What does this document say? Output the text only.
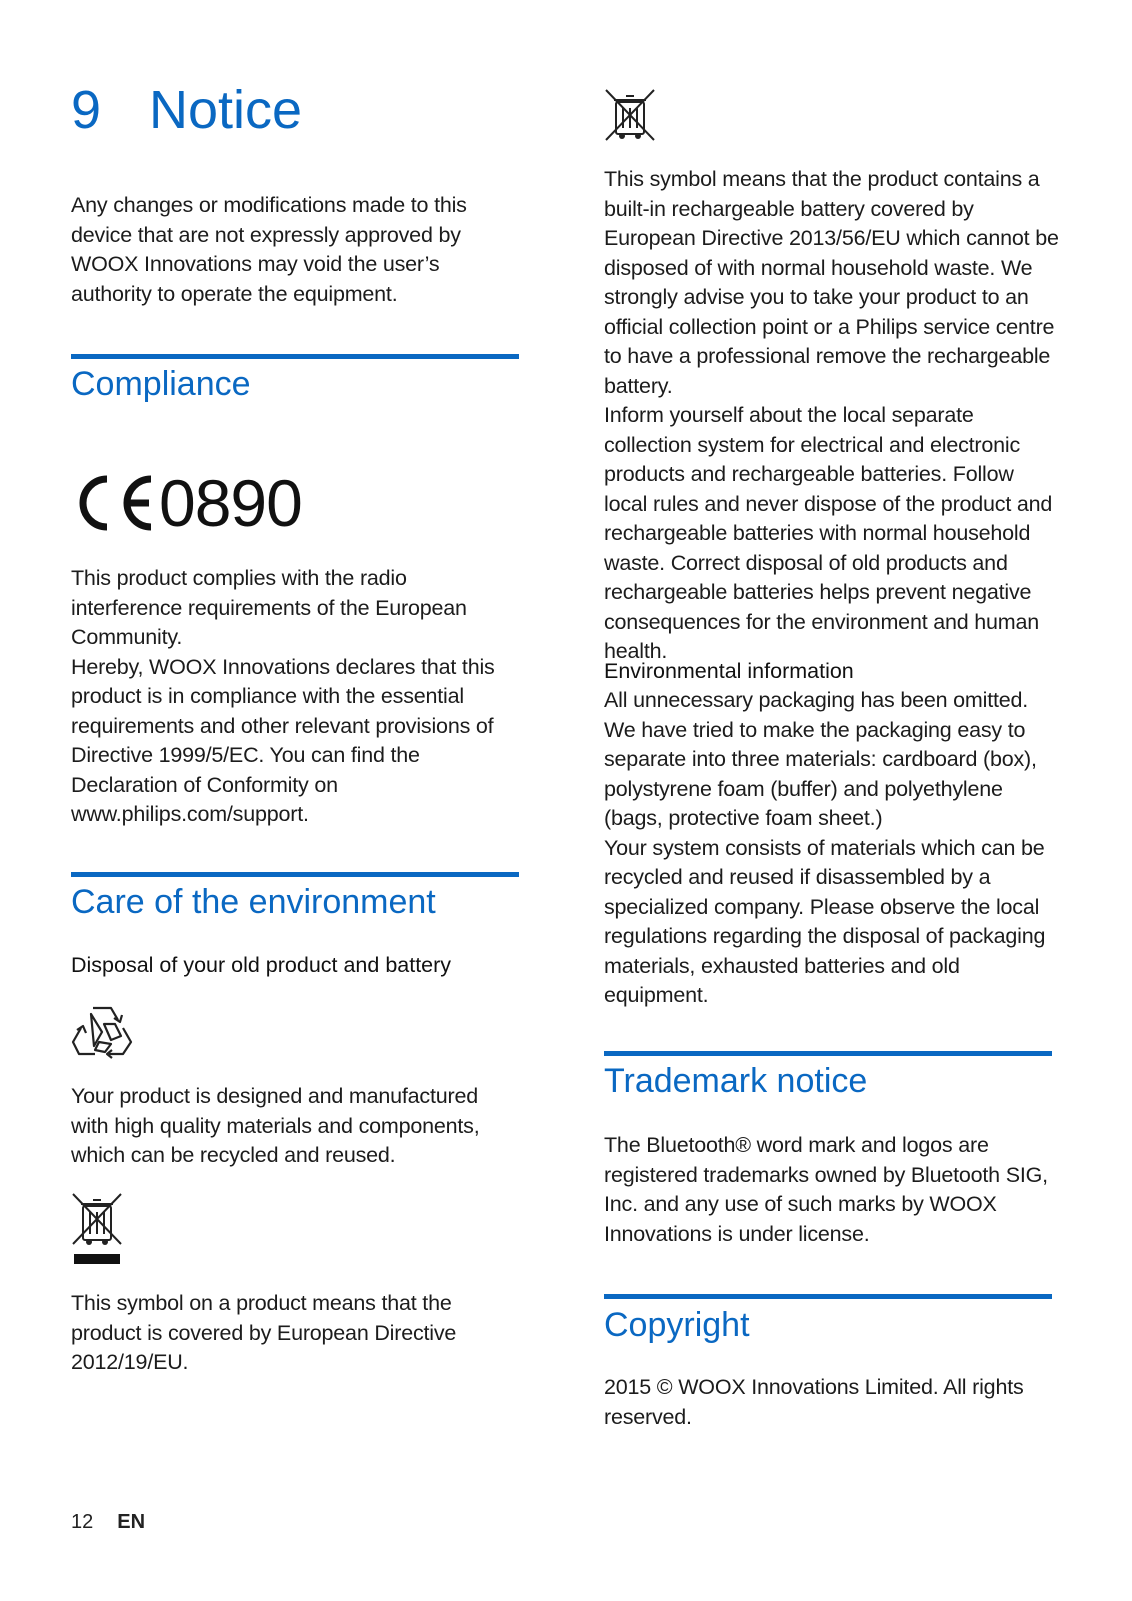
9 Notice

Any changes or modifications made to this device that are not expressly approved by WOOX Innovations may void the user’s authority to operate the equipment.

Compliance
0890

This product complies with the radio interference requirements of the European Community.
Hereby, WOOX Innovations declares that this product is in compliance with the essential requirements and other relevant provisions of Directive 1999/5/EC. You can find the Declaration of Conformity on www.philips.com/support.

Care of the environment

Disposal of your old product and battery

Your product is designed and manufactured with high quality materials and components, which can be recycled and reused.

This symbol on a product means that the product is covered by European Directive 2012/19/EU.

This symbol means that the product contains a built-in rechargeable battery covered by European Directive 2013/56/EU which cannot be disposed of with normal household waste. We strongly advise you to take your product to an official collection point or a Philips service centre to have a professional remove the rechargeable battery.
Inform yourself about the local separate collection system for electrical and electronic products and rechargeable batteries. Follow local rules and never dispose of the product and rechargeable batteries with normal household waste. Correct disposal of old products and rechargeable batteries helps prevent negative consequences for the environment and human health.

Environmental information

All unnecessary packaging has been omitted. We have tried to make the packaging easy to separate into three materials: cardboard (box), polystyrene foam (buffer) and polyethylene (bags, protective foam sheet.)
Your system consists of materials which can be recycled and reused if disassembled by a specialized company. Please observe the local regulations regarding the disposal of packaging materials, exhausted batteries and old equipment.

Trademark notice

The Bluetooth® word mark and logos are registered trademarks owned by Bluetooth SIG, Inc. and any use of such marks by WOOX Innovations is under license.

Copyright

2015 © WOOX Innovations Limited. All rights reserved.

12 EN
